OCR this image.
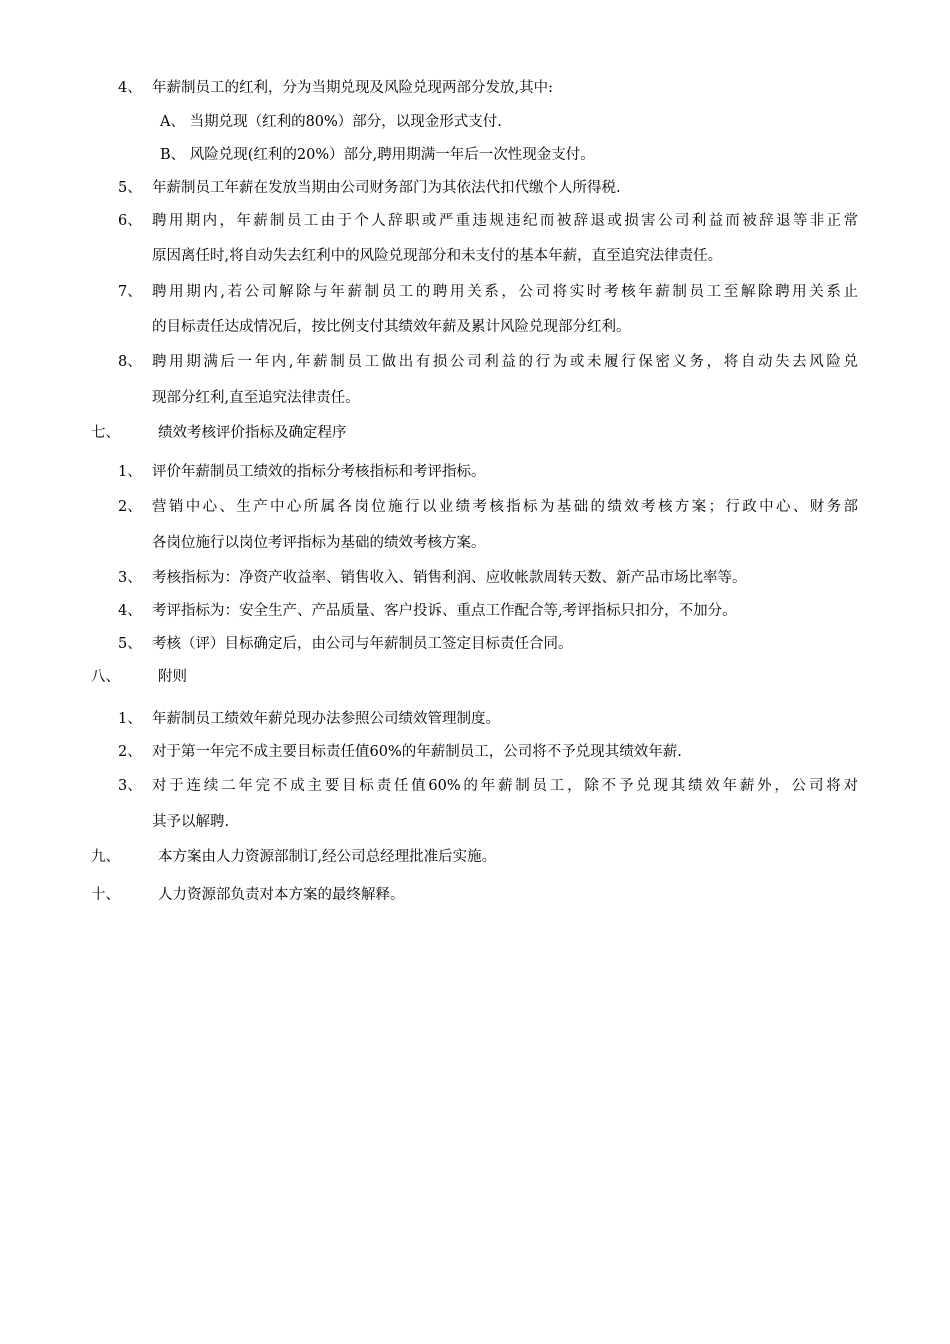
4、 年薪制员工的红利，分为当期兑现及风险兑现两部分发放,其中:
A、 当期兑现（红利的80%）部分，以现金形式支付.
B、 风险兑现(红利的20%）部分,聘用期满一年后一次性现金支付。
5、 年薪制员工年薪在发放当期由公司财务部门为其依法代扣代缴个人所得税.
6、 聘用期内，年薪制员工由于个人辞职或严重违规违纪而被辞退或损害公司利益而被辞退等非正常
原因离任时,将自动失去红利中的风险兑现部分和未支付的基本年薪，直至追究法律责任。
7、 聘用期内,若公司解除与年薪制员工的聘用关系，公司将实时考核年薪制员工至解除聘用关系止
的目标责任达成情况后，按比例支付其绩效年薪及累计风险兑现部分红利。
8、 聘用期满后一年内,年薪制员工做出有损公司利益的行为或未履行保密义务，将自动失去风险兑
现部分红利,直至追究法律责任。
七、	绩效考核评价指标及确定程序
1、 评价年薪制员工绩效的指标分考核指标和考评指标。
2、 营销中心、生产中心所属各岗位施行以业绩考核指标为基础的绩效考核方案；行政中心、财务部
各岗位施行以岗位考评指标为基础的绩效考核方案。
3、 考核指标为：净资产收益率、销售收入、销售利润、应收帐款周转天数、新产品市场比率等。
4、 考评指标为：安全生产、产品质量、客户投诉、重点工作配合等,考评指标只扣分，不加分。
5、 考核（评）目标确定后，由公司与年薪制员工签定目标责任合同。
八、	附则
1、 年薪制员工绩效年薪兑现办法参照公司绩效管理制度。
2、 对于第一年完不成主要目标责任值60%的年薪制员工，公司将不予兑现其绩效年薪.
3、 对于连续二年完不成主要目标责任值60%的年薪制员工，除不予兑现其绩效年薪外，公司将对
其予以解聘.
九、	本方案由人力资源部制订,经公司总经理批准后实施。
十、	人力资源部负责对本方案的最终解释。
